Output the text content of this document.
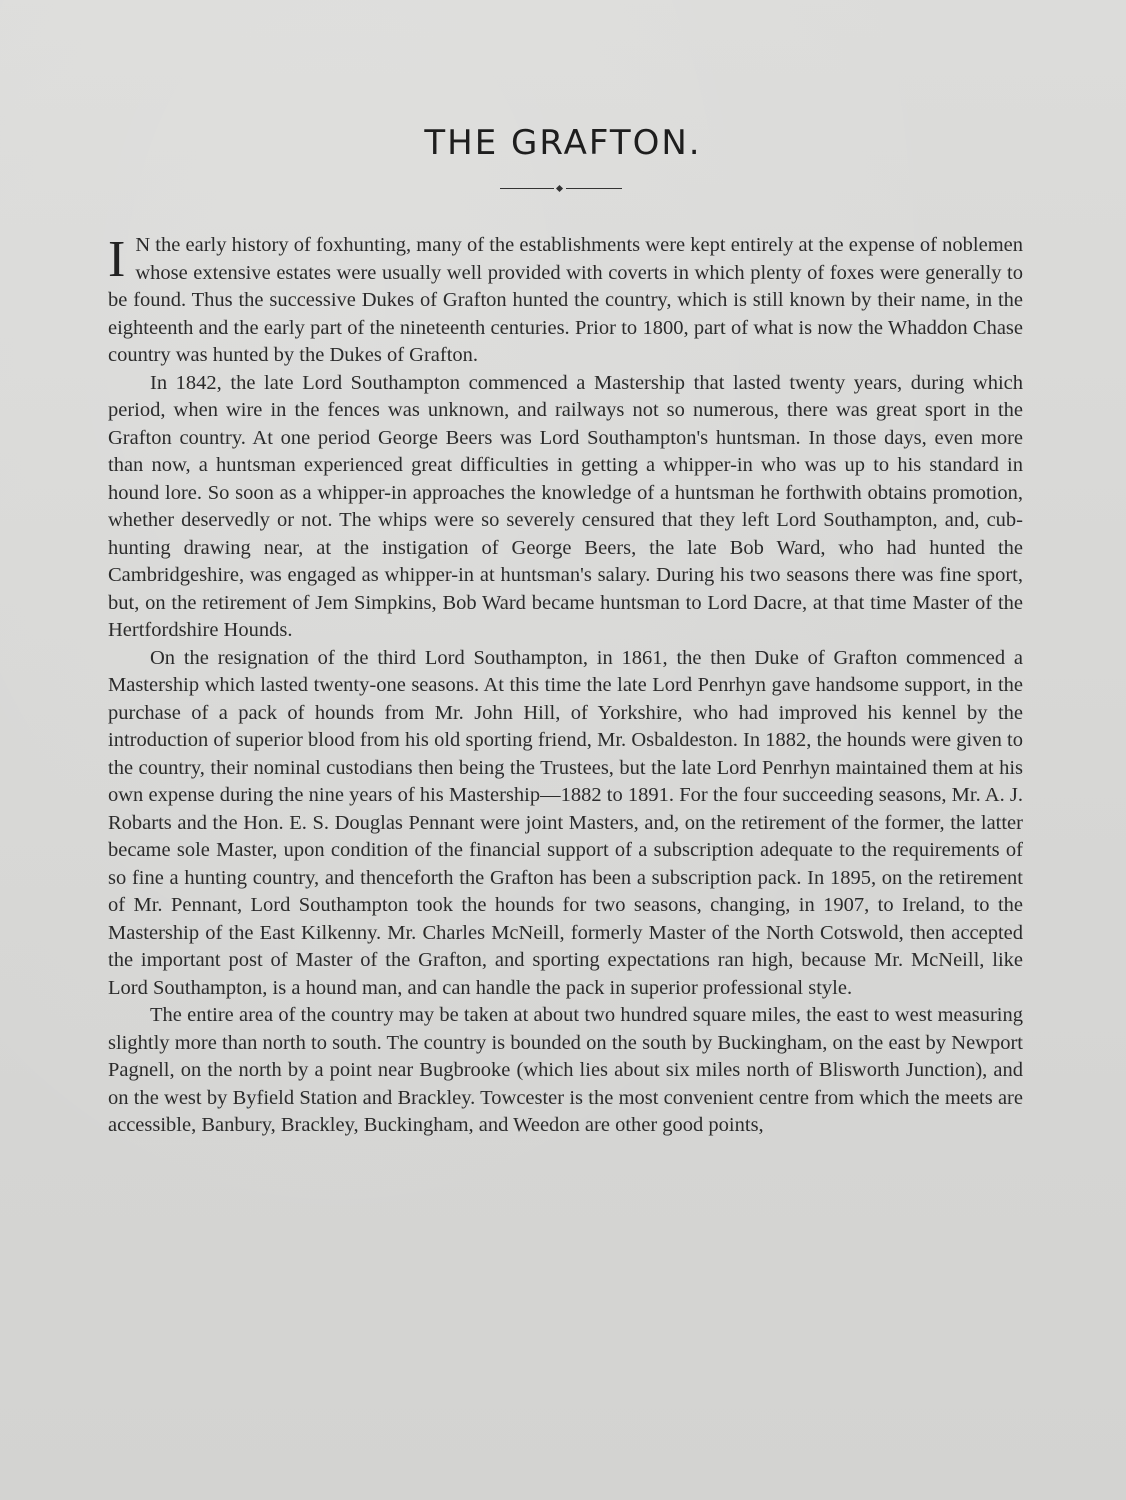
THE GRAFTON.

I N the early history of foxhunting, many of the establishments were kept entirely at the expense of noblemen whose extensive estates were usually well provided with coverts in which plenty of foxes were generally to be found. Thus the successive Dukes of Grafton hunted the country, which is still known by their name, in the eighteenth and the early part of the nineteenth centuries. Prior to 1800, part of what is now the Whaddon Chase country was hunted by the Dukes of Grafton.

In 1842, the late Lord Southampton commenced a Mastership that lasted twenty years, during which period, when wire in the fences was unknown, and railways not so numerous, there was great sport in the Grafton country. At one period George Beers was Lord Southampton's huntsman. In those days, even more than now, a huntsman experienced great difficulties in getting a whipper-in who was up to his standard in hound lore. So soon as a whipper-in approaches the knowledge of a huntsman he forthwith obtains promotion, whether deservedly or not. The whips were so severely censured that they left Lord Southampton, and, cub-hunting drawing near, at the instigation of George Beers, the late Bob Ward, who had hunted the Cambridgeshire, was engaged as whipper-in at huntsman's salary. During his two seasons there was fine sport, but, on the retirement of Jem Simpkins, Bob Ward became huntsman to Lord Dacre, at that time Master of the Hertfordshire Hounds.

On the resignation of the third Lord Southampton, in 1861, the then Duke of Grafton commenced a Mastership which lasted twenty-one seasons. At this time the late Lord Penrhyn gave handsome support, in the purchase of a pack of hounds from Mr. John Hill, of Yorkshire, who had improved his kennel by the introduction of superior blood from his old sporting friend, Mr. Osbaldeston. In 1882, the hounds were given to the country, their nominal custodians then being the Trustees, but the late Lord Penrhyn maintained them at his own expense during the nine years of his Mastership—1882 to 1891. For the four succeeding seasons, Mr. A. J. Robarts and the Hon. E. S. Douglas Pennant were joint Masters, and, on the retirement of the former, the latter became sole Master, upon condition of the financial support of a subscription adequate to the requirements of so fine a hunting country, and thenceforth the Grafton has been a subscription pack. In 1895, on the retirement of Mr. Pennant, Lord Southampton took the hounds for two seasons, changing, in 1907, to Ireland, to the Mastership of the East Kilkenny. Mr. Charles McNeill, formerly Master of the North Cotswold, then accepted the important post of Master of the Grafton, and sporting expectations ran high, because Mr. McNeill, like Lord Southampton, is a hound man, and can handle the pack in superior professional style.

The entire area of the country may be taken at about two hundred square miles, the east to west measuring slightly more than north to south. The country is bounded on the south by Buckingham, on the east by Newport Pagnell, on the north by a point near Bugbrooke (which lies about six miles north of Blisworth Junction), and on the west by Byfield Station and Brackley. Towcester is the most convenient centre from which the meets are accessible, Banbury, Brackley, Buckingham, and Weedon are other good points,
